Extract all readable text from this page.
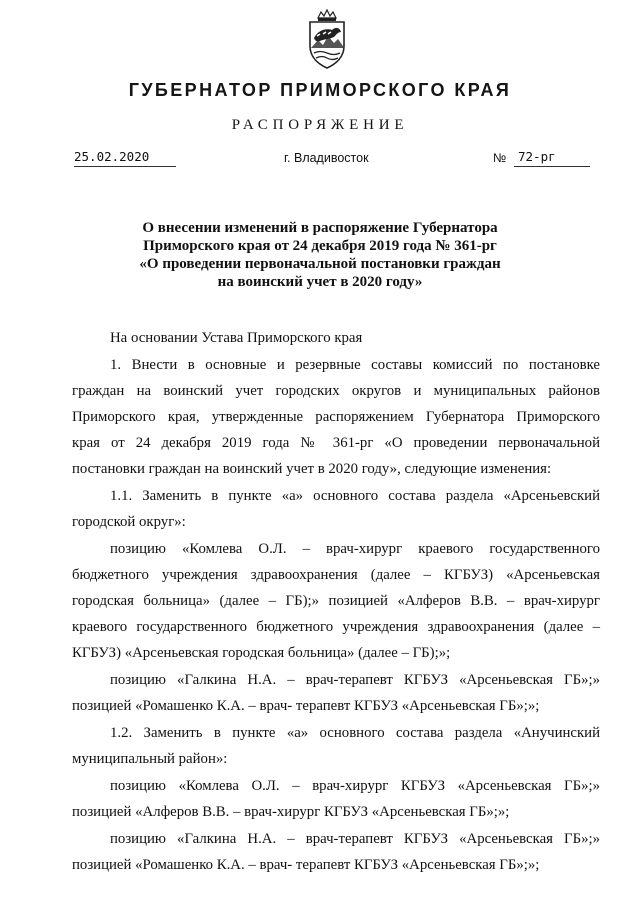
ГУБЕРНАТОР ПРИМОРСКОГО КРАЯ
РАСПОРЯЖЕНИЕ
25.02.2020	г. Владивосток	№ 72-рг
О внесении изменений в распоряжение Губернатора
Приморского края от 24 декабря 2019 года № 361-рг
«О проведении первоначальной постановки граждан
на воинский учет в 2020 году»
На основании Устава Приморского края
1. Внести в основные и резервные составы комиссий по постановке
граждан на воинский учет городских округов и муниципальных районов
Приморского края, утвержденные распоряжением Губернатора Приморского
края от 24 декабря 2019 года № 361-рг «О проведении первоначальной
постановки граждан на воинский учет в 2020 году», следующие изменения:
1.1. Заменить в пункте «а» основного состава раздела «Арсеньевский
городской округ»:
позицию «Комлева О.Л. – врач-хирург краевого государственного
бюджетного учреждения здравоохранения (далее – КГБУЗ) «Арсеньевская
городская больница» (далее – ГБ);» позицией «Алферов В.В. – врач-хирург
краевого государственного бюджетного учреждения здравоохранения (далее –
КГБУЗ) «Арсеньевская городская больница» (далее – ГБ);»;
позицию «Галкина Н.А. – врач-терапевт КГБУЗ «Арсеньевская ГБ»;»
позицией «Ромашенко К.А. – врач- терапевт КГБУЗ «Арсеньевская ГБ»;»;
1.2. Заменить в пункте «а» основного состава раздела «Анучинский
муниципальный район»:
позицию «Комлева О.Л. – врач-хирург КГБУЗ «Арсеньевская ГБ»;»
позицией «Алферов В.В. – врач-хирург КГБУЗ «Арсеньевская ГБ»;»;
позицию «Галкина Н.А. – врач-терапевт КГБУЗ «Арсеньевская ГБ»;»
позицией «Ромашенко К.А. – врач- терапевт КГБУЗ «Арсеньевская ГБ»;»;
